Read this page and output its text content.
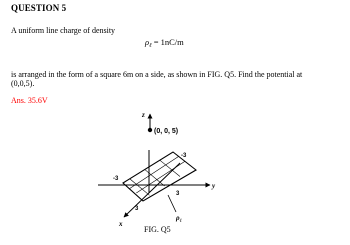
QUESTION 5
A uniform line charge of density
$\rho_\ell = 1nC/m$
is arranged in the form of a square 6m on a side, as shown in FIG. Q5. Find the potential at
(0,0,5).
Ans. 35.6V
z
(0, 0, 5)
-3
-3
3
3
y
x
$\rho_\ell$
FIG. Q5
